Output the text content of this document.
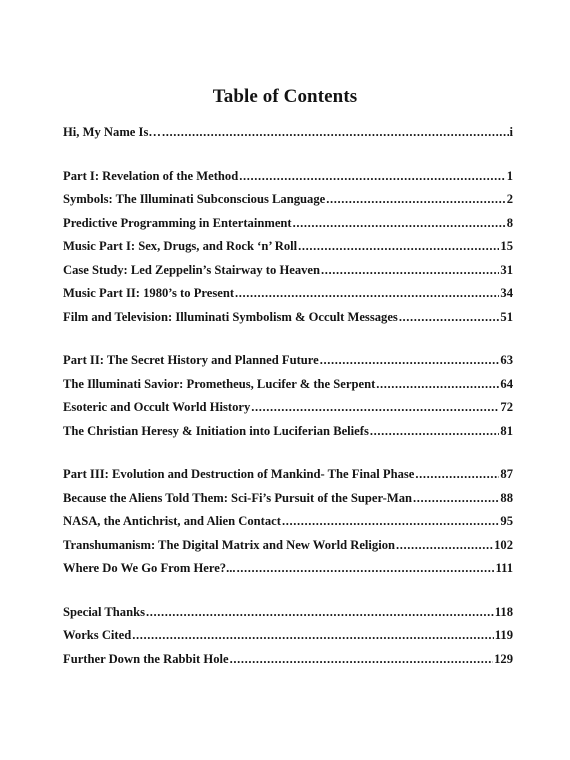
Table of Contents
Hi, My Name Is… .....	i
Part I: Revelation of the Method .....	1
Symbols: The Illuminati Subconscious Language .....	2
Predictive Programming in Entertainment .....	8
Music Part I: Sex, Drugs, and Rock ‘n’ Roll .....	15
Case Study: Led Zeppelin’s Stairway to Heaven .....	31
Music Part II: 1980’s to Present .....	34
Film and Television: Illuminati Symbolism & Occult Messages .....	51
Part II: The Secret History and Planned Future .....	63
The Illuminati Savior: Prometheus, Lucifer & the Serpent .....	64
Esoteric and Occult World History .....	72
The Christian Heresy & Initiation into Luciferian Beliefs .....	81
Part III: Evolution and Destruction of Mankind- The Final Phase .....	87
Because the Aliens Told Them: Sci-Fi’s Pursuit of the Super-Man .....	88
NASA, the Antichrist, and Alien Contact .....	95
Transhumanism: The Digital Matrix and New World Religion .....	102
Where Do We Go From Here?... .....	111
Special Thanks .....	118
Works Cited .....	119
Further Down the Rabbit Hole .....	129
